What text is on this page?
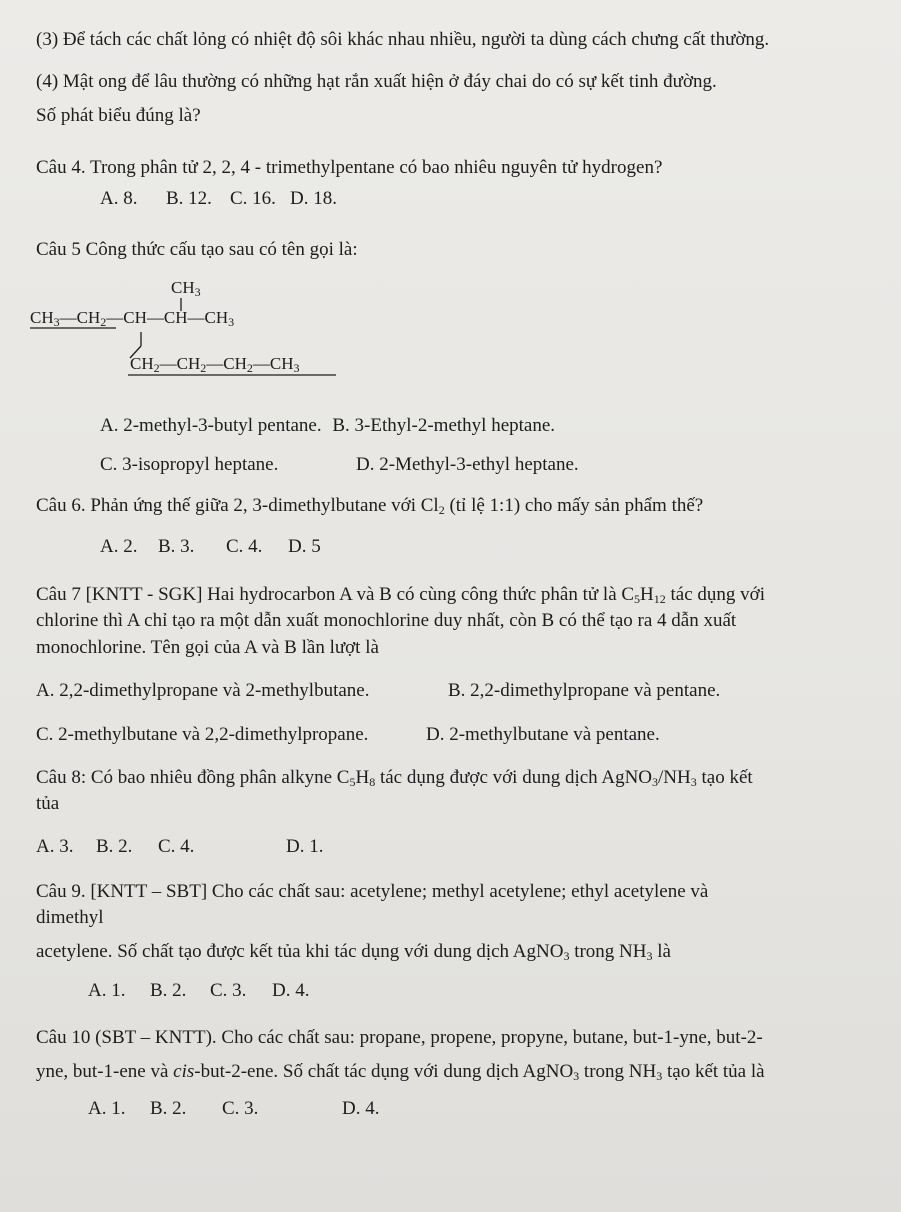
(3) Để tách các chất lỏng có nhiệt độ sôi khác nhau nhiều, người ta dùng cách chưng cất thường.
(4) Mật ong để lâu thường có những hạt rắn xuất hiện ở đáy chai do có sự kết tinh đường.
Số phát biểu đúng là?
Câu 4. Trong phân tử 2, 2, 4 - trimethylpentane có bao nhiêu nguyên tử hydrogen?
A. 8. B. 12. C. 16. D. 18.
Câu 5 Công thức cấu tạo sau có tên gọi là:
$CH_3$
$CH_3—CH_2—CH—CH—CH_3$
$CH_2—CH_2—CH_2—CH_3$
A. 2-methyl-3-butyl pentane. B. 3-Ethyl-2-methyl heptane.
C. 3-isopropyl heptane.	D. 2-Methyl-3-ethyl heptane.
Câu 6. Phản ứng thế giữa 2, 3-dimethylbutane với $Cl_2$ (tỉ lệ 1:1) cho mấy sản phẩm thế?
A. 2. B. 3. C. 4. D. 5
Câu 7 [KNTT - SGK] Hai hydrocarbon A và B có cùng công thức phân tử là $C_5H_{12}$ tác dụng với
chlorine thì A chỉ tạo ra một dẫn xuất monochlorine duy nhất, còn B có thể tạo ra 4 dẫn xuất
monochlorine. Tên gọi của A và B lần lượt là
A. 2,2-dimethylpropane và 2-methylbutane.	B. 2,2-dimethylpropane và pentane.
C. 2-methylbutane và 2,2-dimethylpropane.	D. 2-methylbutane và pentane.
Câu 8: Có bao nhiêu đồng phân alkyne $C_5H_8$ tác dụng được với dung dịch $AgNO_3/NH_3$ tạo kết
tủa
A. 3. B. 2. C. 4.	D. 1.
Câu 9. [KNTT – SBT] Cho các chất sau: acetylene; methyl acetylene; ethyl acetylene và
dimethyl
acetylene. Số chất tạo được kết tủa khi tác dụng với dung dịch AgNO$_3$ trong $NH_3$ là
A. 1. B. 2. C. 3. D. 4.
Câu 10 (SBT – KNTT). Cho các chất sau: propane, propene, propyne, butane, but-1-yne, but-2-
yne, but-1-ene và cis-but-2-ene. Số chất tác dụng với dung dịch AgNO$_3$ trong $NH_3$ tạo kết tủa là
A. 1. B. 2. C. 3.	D. 4.
